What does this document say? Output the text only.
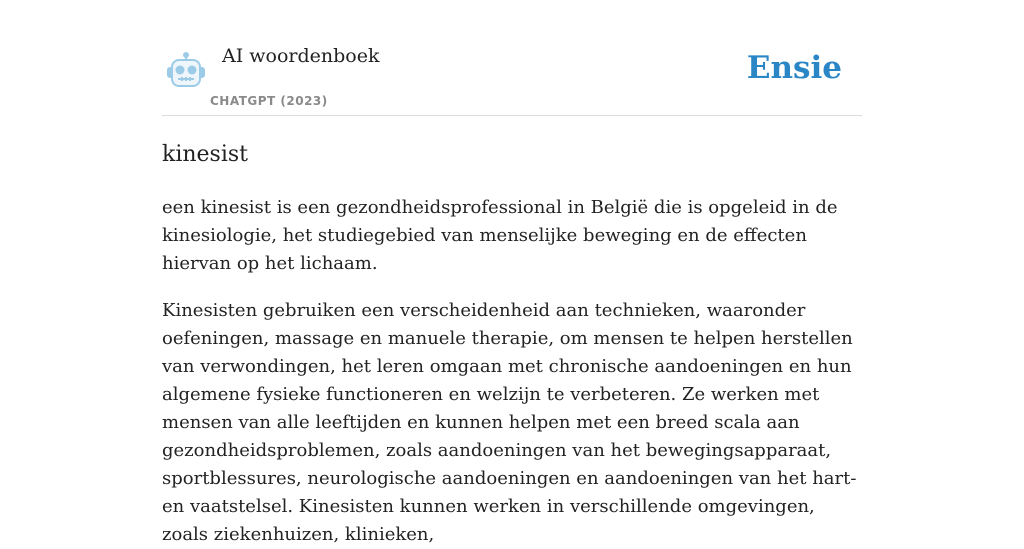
AI woordenboek
CHATGPT (2023)
Ensie
kinesist

een kinesist is een gezondheidsprofessional in België die is opgeleid in de kinesiologie, het studiegebied van menselijke beweging en de effecten hiervan op het lichaam.

Kinesisten gebruiken een verscheidenheid aan technieken, waaronder oefeningen, massage en manuele therapie, om mensen te helpen herstellen van verwondingen, het leren omgaan met chronische aandoeningen en hun algemene fysieke functioneren en welzijn te verbeteren. Ze werken met mensen van alle leeftijden en kunnen helpen met een breed scala aan gezondheidsproblemen, zoals aandoeningen van het bewegingsapparaat, sportblessures, neurologische aandoeningen en aandoeningen van het hart- en vaatstelsel. Kinesisten kunnen werken in verschillende omgevingen, zoals ziekenhuizen, klinieken,
